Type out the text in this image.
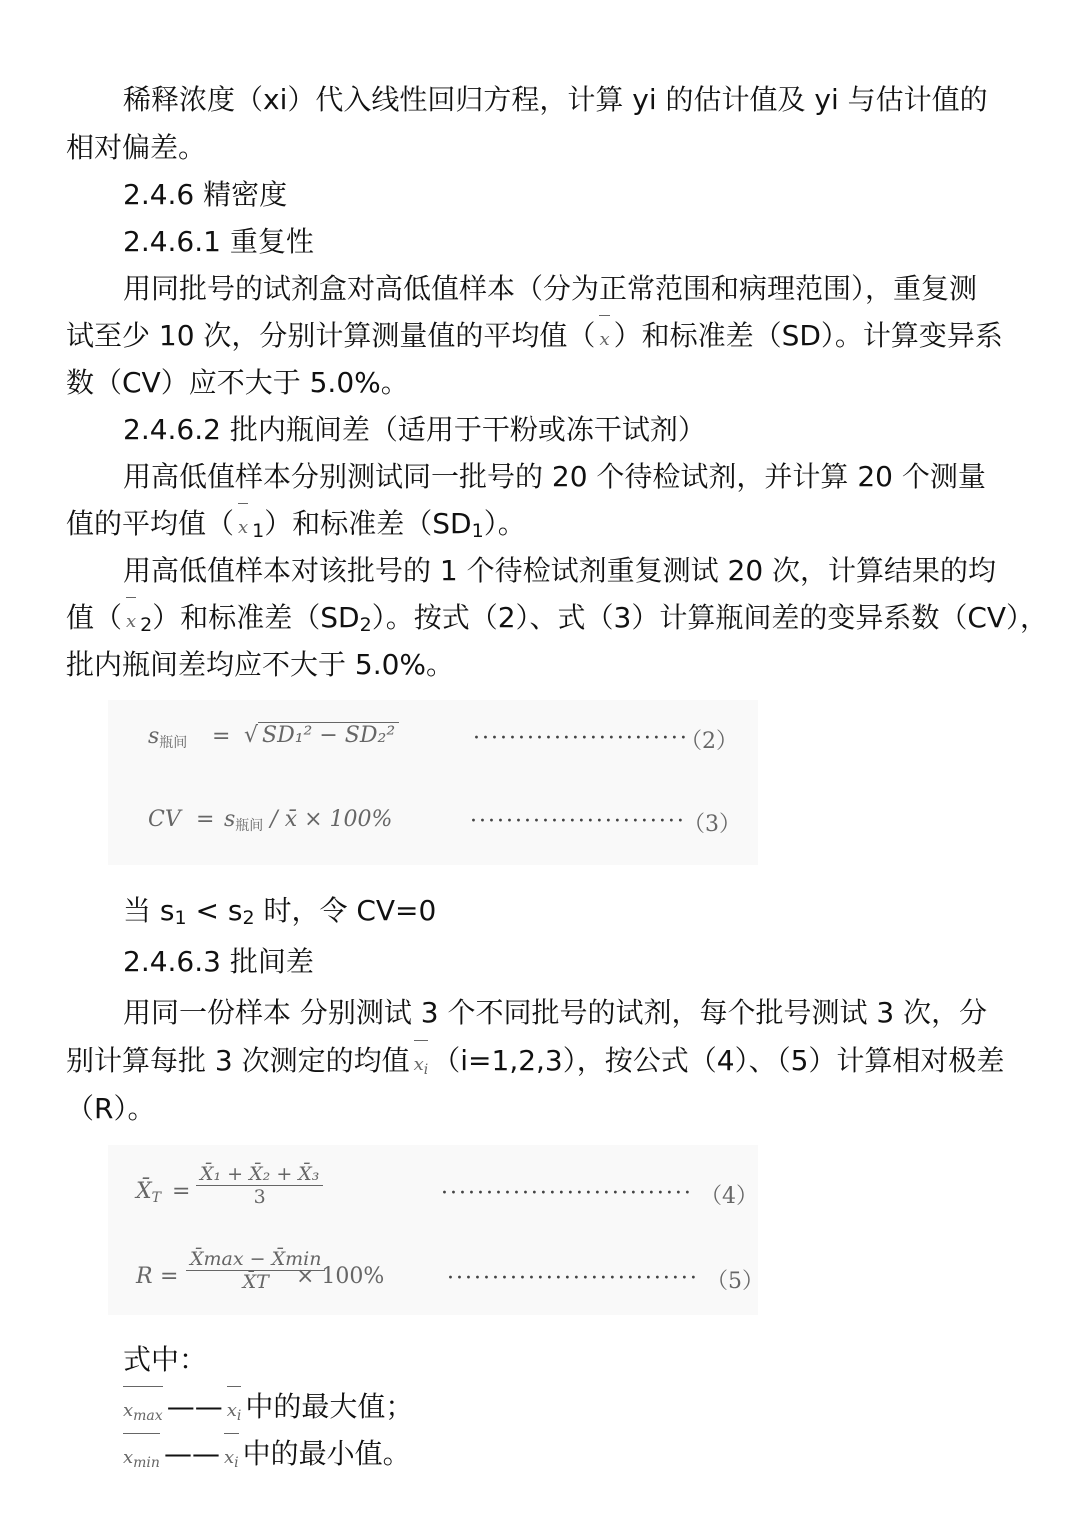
稀释浓度（xi）代入线性回归方程，计算 yi 的估计值及 yi 与估计值的
相对偏差。
2.4.6 精密度
2.4.6.1 重复性
用同批号的试剂盒对高低值样本（分为正常范围和病理范围），重复测
试至少 10 次，分别计算测量值的平均值（ x ）和标准差（SD）。计算变异系
数（CV）应不大于 5.0%。
2.4.6.2 批内瓶间差（适用于干粉或冻干试剂）
用高低值样本分别测试同一批号的 20 个待检试剂，并计算 20 个测量
值的平均值（ x $_1$）和标准差$(SD_1)$。
用高低值样本对该批号的 1 个待检试剂重复测试 20 次，计算结果的均
值（ x $_2$）和标准差$(SD_2)$。按式（2）、式（3）计算瓶间差的变异系数（CV），
批内瓶间差均应不大于 5.0%。
$s_{瓶间}$ = √ SD₁² − SD₂²	························
（2）
CV = $s_{瓶间}$ / x̄ × 100%	························
（3）
当 $s_1 < s_2$ 时，令 CV=0
2.4.6.3 批间差
用同一份样本 分别测试 3 个不同批号的试剂，每个批号测试 3 次，分
别计算每批 3 次测定的均值 $x_i$ （i=1,2,3），按公式（4）、（5）计算相对极差
（R）。
$X̄_T = \frac{\text{X̄₁ + X̄₂ + X̄₃}}{3}$	···························· （4）
R =
X̄max − X̄min
X̄T	× 100%	···························· （5）
式中：
$x_{max}$ —— $x_i$ 中的最大值；
$x_{min}$ —— $x_i$ 中的最小值。
